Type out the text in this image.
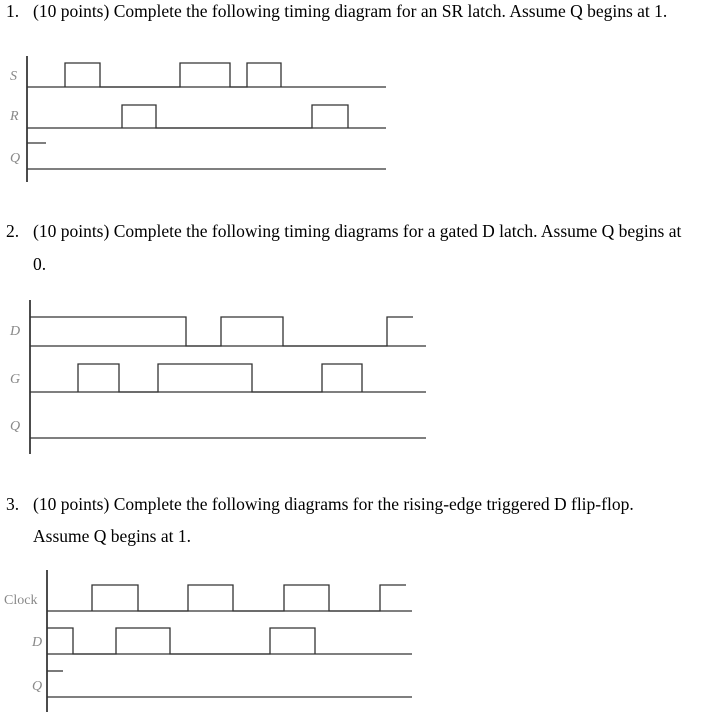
1. (10 points) Complete the following timing diagram for an SR latch. Assume Q begins at 1.
S
R
Q
2. (10 points) Complete the following timing diagrams for a gated D latch. Assume Q begins at
0.
D
G
Q
3. (10 points) Complete the following diagrams for the rising-edge triggered D flip-flop.
Assume Q begins at 1.
Clock
D
Q
